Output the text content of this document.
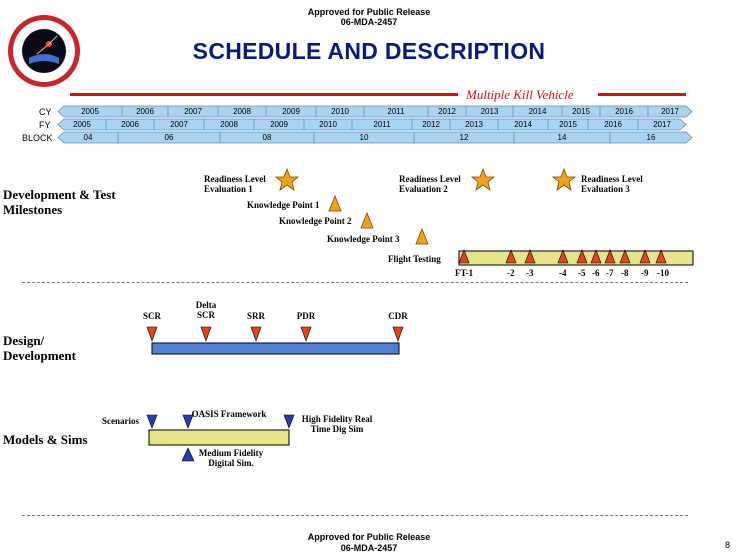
Approved for Public Release
06-MDA-2457
SCHEDULE AND DESCRIPTION
Multiple Kill Vehicle
CY
FY
BLOCK
2005	2006	2007	2008	2009	2010	2011	2012	2013	2014	2015	2016	2017
2005	2006	2007	2008	2009	2010	2011	2012	2013	2014	2015	2016	2017
04	06	08	10	12	14	16
Development & Test Milestones
Design/ Development
Models & Sims
Readiness Level Evaluation 1
Readiness Level Evaluation 2
Readiness Level Evaluation 3
Knowledge Point 1
Knowledge Point 2
Knowledge Point 3
Flight Testing
FT-1	-2 -3	-4 -5 -6 -7 -8 -9 -10
SCR
Delta SCR	SRR	PDR	CDR
Scenarios
OASIS Framework	High Fidelity Real Time Dig Sim
Medium Fidelity Digital Sim.
Approved for Public Release
06-MDA-2457	8
